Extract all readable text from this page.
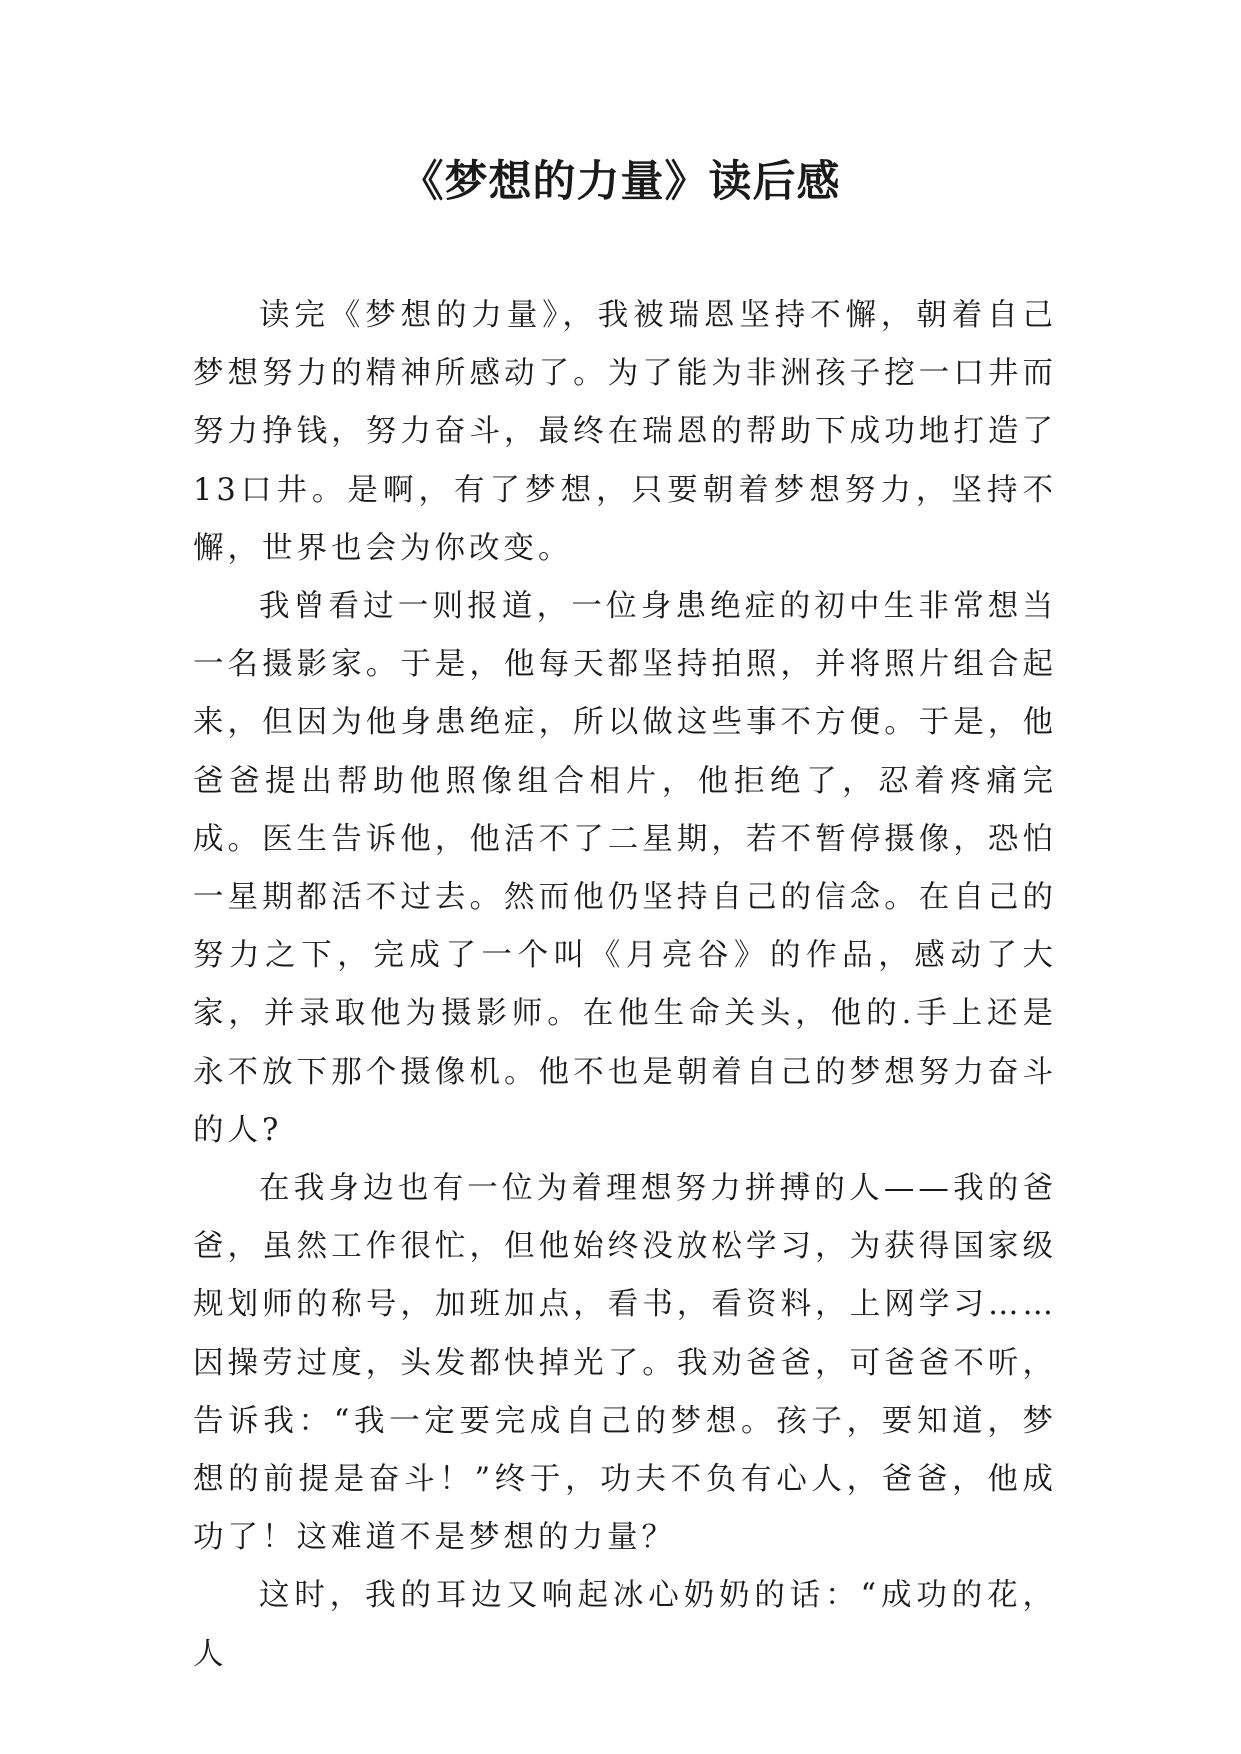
《梦想的力量》读后感

读完《梦想的力量》，我被瑞恩坚持不懈，朝着自己梦想努力的精神所感动了。为了能为非洲孩子挖一口井而努力挣钱，努力奋斗，最终在瑞恩的帮助下成功地打造了13口井。是啊，有了梦想，只要朝着梦想努力，坚持不懈，世界也会为你改变。

我曾看过一则报道，一位身患绝症的初中生非常想当一名摄影家。于是，他每天都坚持拍照，并将照片组合起来，但因为他身患绝症，所以做这些事不方便。于是，他爸爸提出帮助他照像组合相片，他拒绝了，忍着疼痛完成。医生告诉他，他活不了二星期，若不暂停摄像，恐怕一星期都活不过去。然而他仍坚持自己的信念。在自己的努力之下，完成了一个叫《月亮谷》的作品，感动了大家，并录取他为摄影师。在他生命关头，他的.手上还是永不放下那个摄像机。他不也是朝着自己的梦想努力奋斗的人?

在我身边也有一位为着理想努力拼搏的人——我的爸爸，虽然工作很忙，但他始终没放松学习，为获得国家级规划师的称号，加班加点，看书，看资料，上网学习……因操劳过度，头发都快掉光了。我劝爸爸，可爸爸不听，告诉我：“我一定要完成自己的梦想。孩子，要知道，梦想的前提是奋斗！”终于，功夫不负有心人，爸爸，他成功了！这难道不是梦想的力量？

这时，我的耳边又响起冰心奶奶的话：“成功的花，人
